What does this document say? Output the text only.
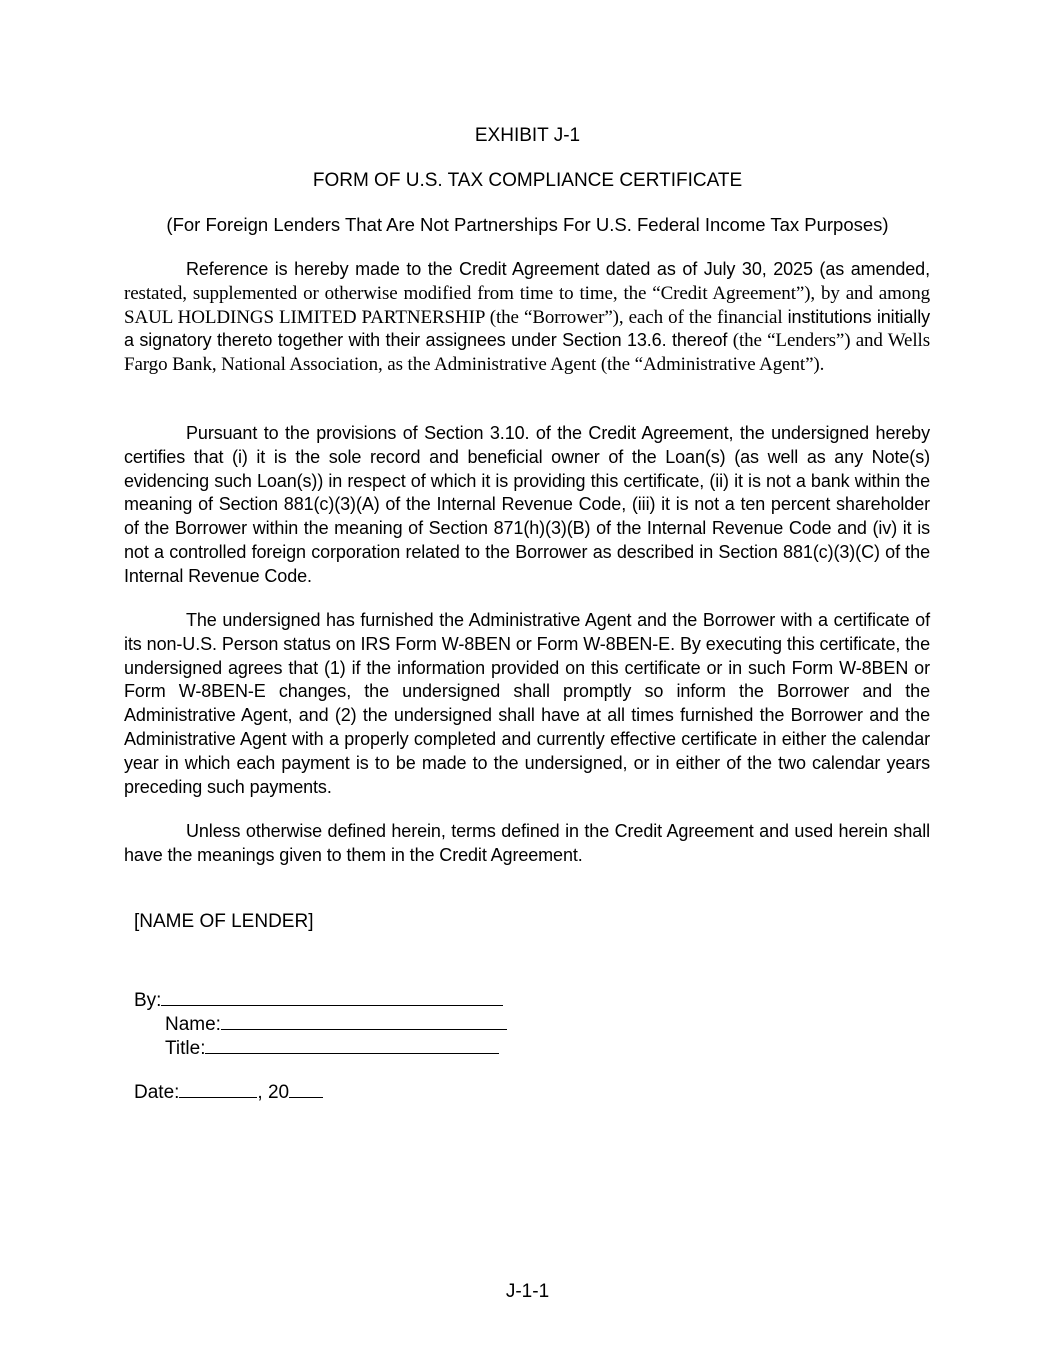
EXHIBIT J-1
FORM OF U.S. TAX COMPLIANCE CERTIFICATE

(For Foreign Lenders That Are Not Partnerships For U.S. Federal Income Tax Purposes)

Reference is hereby made to the Credit Agreement dated as of July 30, 2025 (as amended, restated, supplemented or otherwise modified from time to time, the “Credit Agreement”), by and among SAUL HOLDINGS LIMITED PARTNERSHIP (the “Borrower”), each of the financial institutions initially a signatory thereto together with their assignees under Section 13.6. thereof (the “Lenders”) and Wells Fargo Bank, National Association, as the Administrative Agent (the “Administrative Agent”).

Pursuant to the provisions of Section 3.10. of the Credit Agreement, the undersigned hereby certifies that (i) it is the sole record and beneficial owner of the Loan(s) (as well as any Note(s) evidencing such Loan(s)) in respect of which it is providing this certificate, (ii) it is not a bank within the meaning of Section 881(c)(3)(A) of the Internal Revenue Code, (iii) it is not a ten percent shareholder of the Borrower within the meaning of Section 871(h)(3)(B) of the Internal Revenue Code and (iv) it is not a controlled foreign corporation related to the Borrower as described in Section 881(c)(3)(C) of the Internal Revenue Code.

The undersigned has furnished the Administrative Agent and the Borrower with a certificate of its non-U.S. Person status on IRS Form W-8BEN or Form W-8BEN-E. By executing this certificate, the undersigned agrees that (1) if the information provided on this certificate or in such Form W-8BEN or Form W-8BEN-E changes, the undersigned shall promptly so inform the Borrower and the Administrative Agent, and (2) the undersigned shall have at all times furnished the Borrower and the Administrative Agent with a properly completed and currently effective certificate in either the calendar year in which each payment is to be made to the undersigned, or in either of the two calendar years preceding such payments.

Unless otherwise defined herein, terms defined in the Credit Agreement and used herein shall have the meanings given to them in the Credit Agreement.

[NAME OF LENDER]

By:
Name:
Title:
Date:	, 20

J-1-1
